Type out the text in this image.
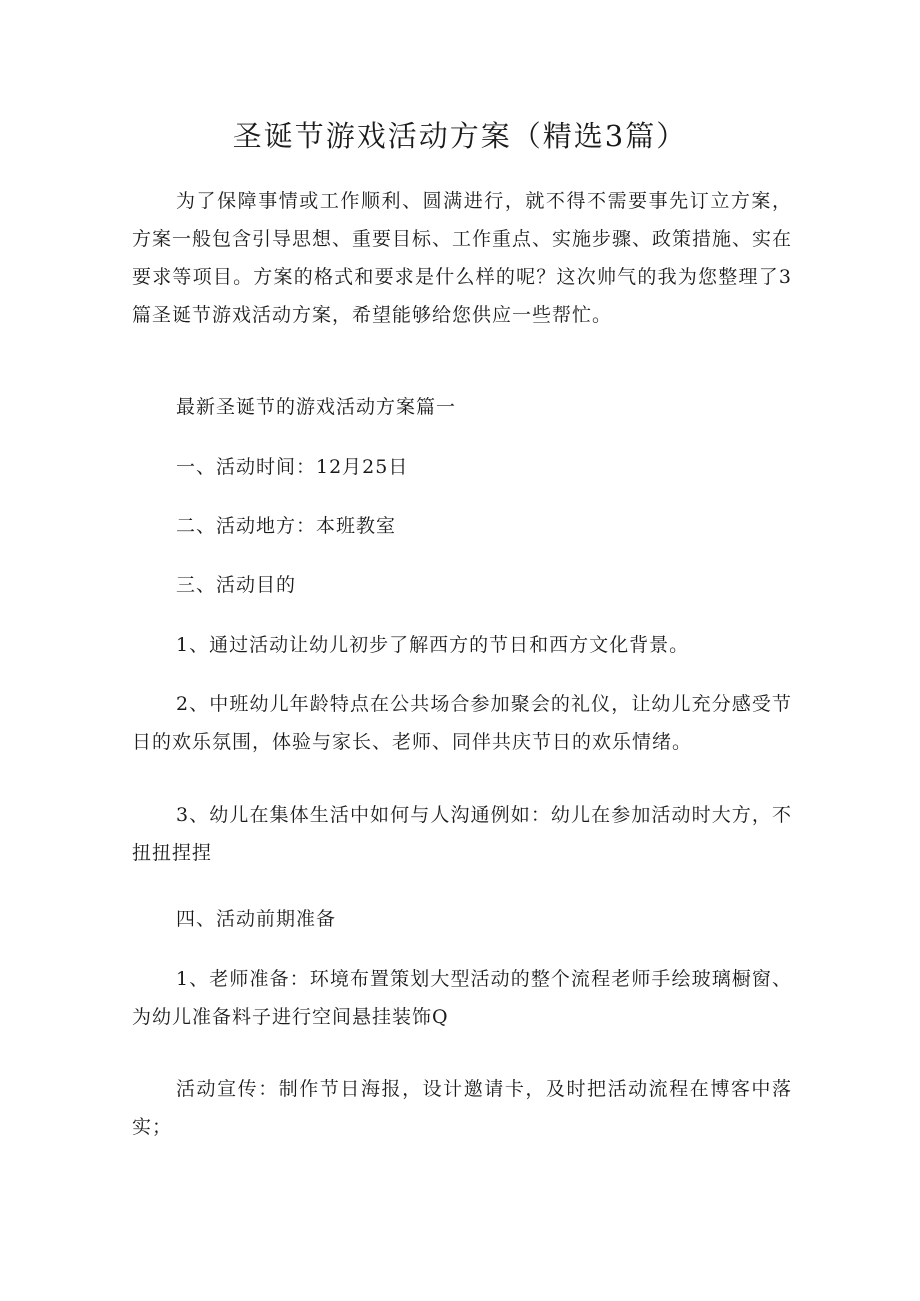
圣诞节游戏活动方案（精选3篇）

为了保障事情或工作顺利、圆满进行，就不得不需要事先订立方案，方案一般包含引导思想、重要目标、工作重点、实施步骤、政策措施、实在要求等项目。方案的格式和要求是什么样的呢？这次帅气的我为您整理了3篇圣诞节游戏活动方案，希望能够给您供应一些帮忙。

最新圣诞节的游戏活动方案篇一

一、活动时间：12月25日

二、活动地方：本班教室

三、活动目的

1、通过活动让幼儿初步了解西方的节日和西方文化背景。

2、中班幼儿年龄特点在公共场合参加聚会的礼仪，让幼儿充分感受节日的欢乐氛围，体验与家长、老师、同伴共庆节日的欢乐情绪。

3、幼儿在集体生活中如何与人沟通例如：幼儿在参加活动时大方，不扭扭捏捏

四、活动前期准备

1、老师准备：环境布置策划大型活动的整个流程老师手绘玻璃橱窗、为幼儿准备料子进行空间悬挂装饰Q

活动宣传：制作节日海报，设计邀请卡，及时把活动流程在博客中落实；
